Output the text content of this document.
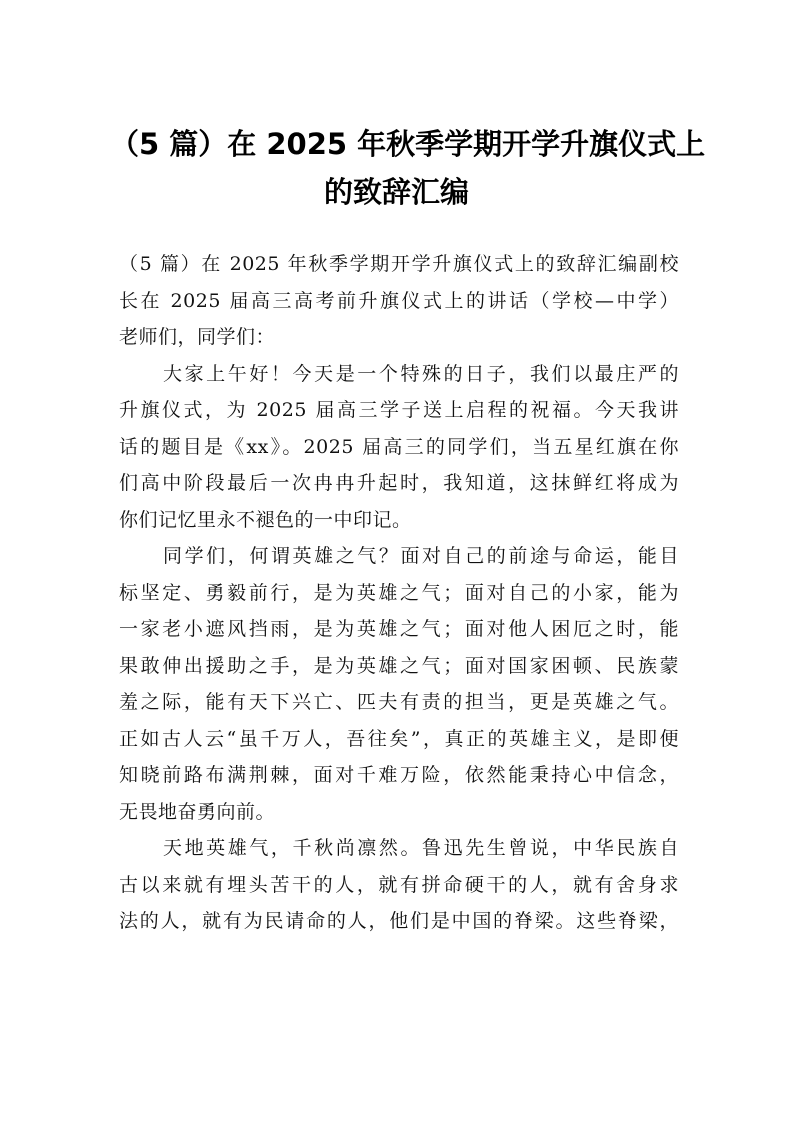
（5 篇）在 2025 年秋季学期开学升旗仪式上
的致辞汇编
（5 篇）在 2025 年秋季学期开学升旗仪式上的致辞汇编副校
长在 2025 届高三高考前升旗仪式上的讲话（学校—中学）
老师们，同学们：
大家上午好！今天是一个特殊的日子，我们以最庄严的
升旗仪式，为 2025 届高三学子送上启程的祝福。今天我讲
话的题目是《xx》。2025 届高三的同学们，当五星红旗在你
们高中阶段最后一次冉冉升起时，我知道，这抹鲜红将成为
你们记忆里永不褪色的一中印记。
同学们，何谓英雄之气？面对自己的前途与命运，能目
标坚定、勇毅前行，是为英雄之气；面对自己的小家，能为
一家老小遮风挡雨，是为英雄之气；面对他人困厄之时，能
果敢伸出援助之手，是为英雄之气；面对国家困顿、民族蒙
羞之际，能有天下兴亡、匹夫有责的担当，更是英雄之气。
正如古人云“虽千万人，吾往矣”，真正的英雄主义，是即便
知晓前路布满荆棘，面对千难万险，依然能秉持心中信念，
无畏地奋勇向前。
天地英雄气，千秋尚凛然。鲁迅先生曾说，中华民族自
古以来就有埋头苦干的人，就有拼命硬干的人，就有舍身求
法的人，就有为民请命的人，他们是中国的脊梁。这些脊梁，
